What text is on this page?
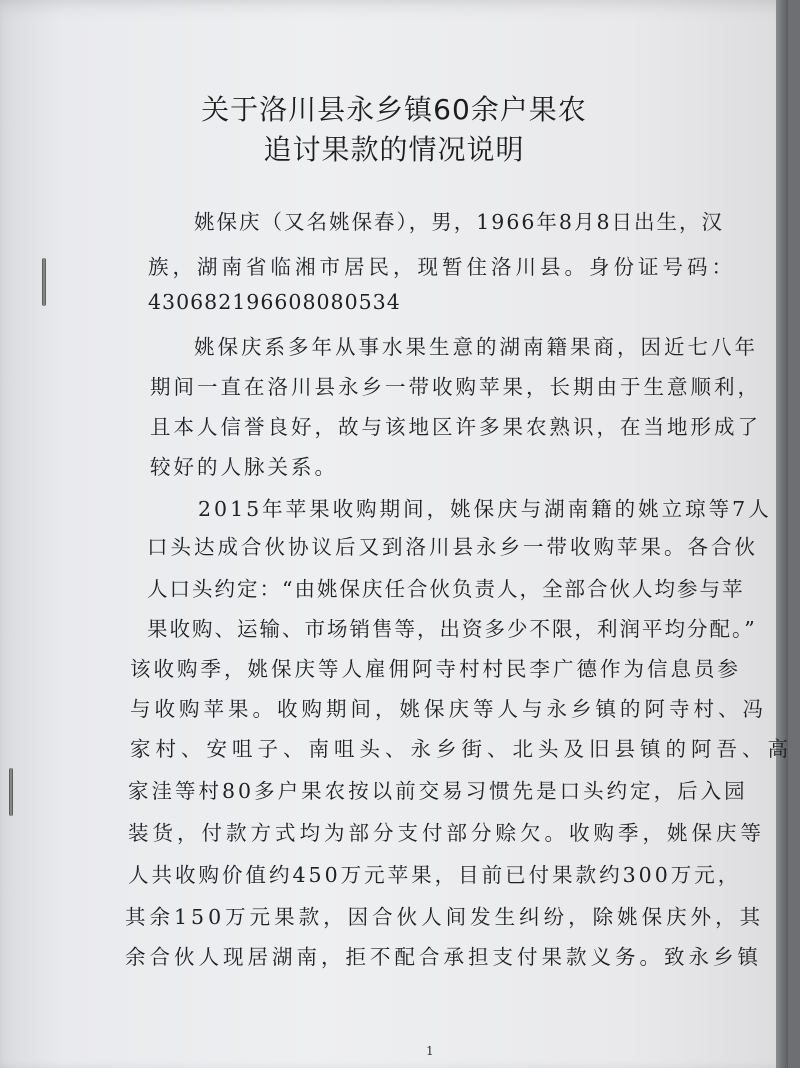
关于洛川县永乡镇60余户果农
追讨果款的情况说明
姚保庆（又名姚保春），男，1966年8月8日出生，汉
族，湖南省临湘市居民，现暂住洛川县。身份证号码：
430682196608080534
姚保庆系多年从事水果生意的湖南籍果商，因近七八年
期间一直在洛川县永乡一带收购苹果，长期由于生意顺利，
且本人信誉良好，故与该地区许多果农熟识，在当地形成了
较好的人脉关系。
2015年苹果收购期间，姚保庆与湖南籍的姚立琼等7人
口头达成合伙协议后又到洛川县永乡一带收购苹果。各合伙
人口头约定：“由姚保庆任合伙负责人，全部合伙人均参与苹
果收购、运输、市场销售等，出资多少不限，利润平均分配。”
该收购季，姚保庆等人雇佣阿寺村村民李广德作为信息员参
与收购苹果。收购期间，姚保庆等人与永乡镇的阿寺村、冯
家村、安咀子、南咀头、永乡街、北头及旧县镇的阿吾、高
家洼等村80多户果农按以前交易习惯先是口头约定，后入园
装货，付款方式均为部分支付部分赊欠。收购季，姚保庆等
人共收购价值约450万元苹果，目前已付果款约300万元，
其余150万元果款，因合伙人间发生纠纷，除姚保庆外，其
余合伙人现居湖南，拒不配合承担支付果款义务。致永乡镇
1
